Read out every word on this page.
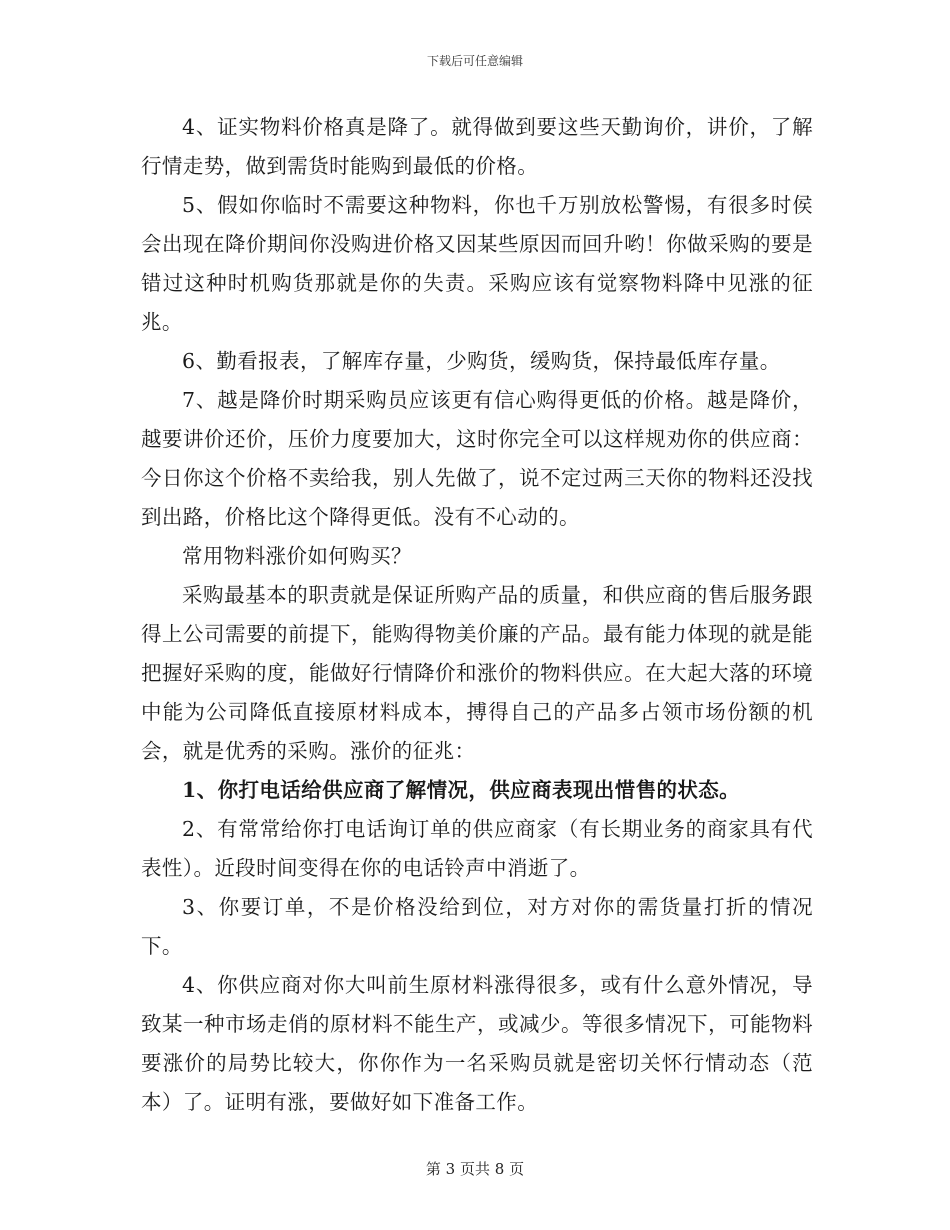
下载后可任意编辑

4、证实物料价格真是降了。就得做到要这些天勤询价，讲价，了解行情走势，做到需货时能购到最低的价格。

5、假如你临时不需要这种物料，你也千万别放松警惕，有很多时侯会出现在降价期间你没购进价格又因某些原因而回升哟！你做采购的要是错过这种时机购货那就是你的失责。采购应该有觉察物料降中见涨的征兆。

6、勤看报表，了解库存量，少购货，缓购货，保持最低库存量。

7、越是降价时期采购员应该更有信心购得更低的价格。越是降价，越要讲价还价，压价力度要加大，这时你完全可以这样规劝你的供应商：今日你这个价格不卖给我，别人先做了，说不定过两三天你的物料还没找到出路，价格比这个降得更低。没有不心动的。

常用物料涨价如何购买？

采购最基本的职责就是保证所购产品的质量，和供应商的售后服务跟得上公司需要的前提下，能购得物美价廉的产品。最有能力体现的就是能把握好采购的度，能做好行情降价和涨价的物料供应。在大起大落的环境中能为公司降低直接原材料成本，搏得自己的产品多占领市场份额的机会，就是优秀的采购。涨价的征兆：

1、你打电话给供应商了解情况，供应商表现出惜售的状态。

2、有常常给你打电话询订单的供应商家（有长期业务的商家具有代表性）。近段时间变得在你的电话铃声中消逝了。

3、你要订单，不是价格没给到位，对方对你的需货量打折的情况下。

4、你供应商对你大叫前生原材料涨得很多，或有什么意外情况，导致某一种市场走俏的原材料不能生产，或减少。等很多情况下，可能物料要涨价的局势比较大，你你作为一名采购员就是密切关怀行情动态（范本）了。证明有涨，要做好如下准备工作。

第 3 页共 8 页
